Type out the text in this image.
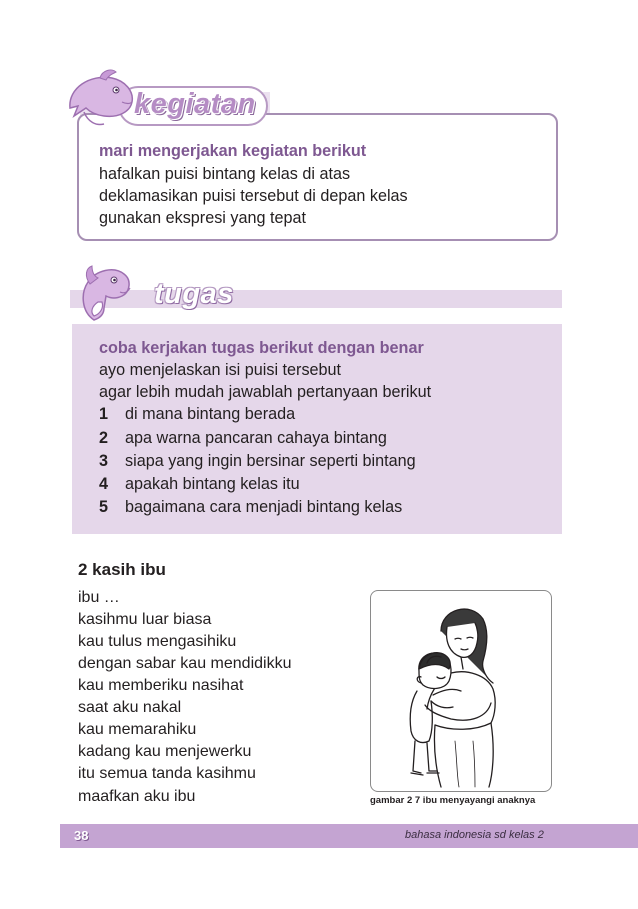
kegiatan
mari mengerjakan kegiatan berikut
hafalkan puisi bintang kelas di atas
deklamasikan puisi tersebut di depan kelas
gunakan ekspresi yang tepat
tugas
coba kerjakan tugas berikut dengan benar
ayo menjelaskan isi puisi tersebut
agar lebih mudah jawablah pertanyaan berikut
1 di mana bintang berada
2 apa warna pancaran cahaya bintang
3 siapa yang ingin bersinar seperti bintang
4 apakah bintang kelas itu
5 bagaimana cara menjadi bintang kelas
2 kasih ibu
ibu …
kasihmu luar biasa
kau tulus mengasihiku
dengan sabar kau mendidikku
kau memberiku nasihat
saat aku nakal
kau memarahiku
kadang kau menjewerku
itu semua tanda kasihmu
maafkan aku ibu	gambar 2 7 ibu menyayangi anaknya
38	bahasa indonesia sd kelas 2
